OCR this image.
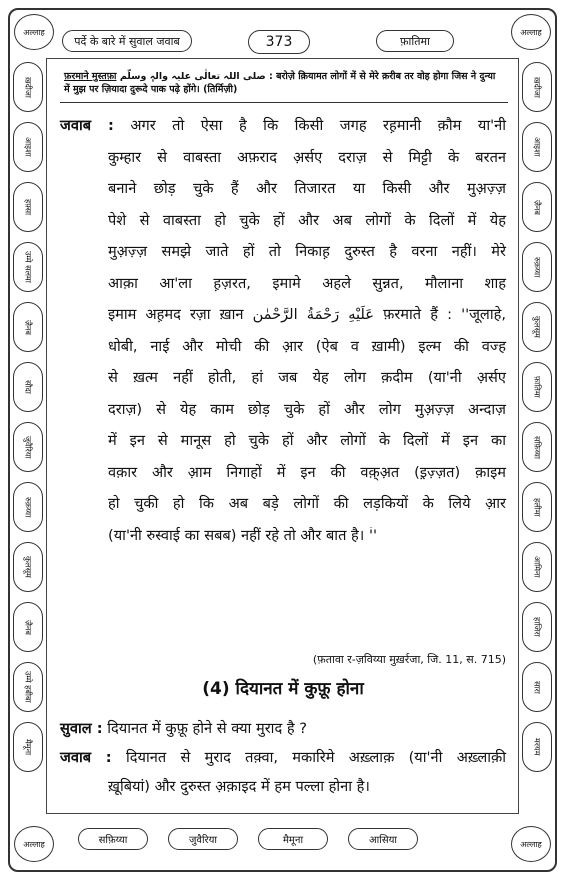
अल्लाह	अल्लाह
अल्लाह	अल्लाह
पर्दे के बारे में सुवाल जवाब	373	फ़ातिमा
ख़दीजा
आइशा
हफ़्सा
उम्मे सलमा
ज़ैनब
सौदा
जुवैरिया
रुक़य्या
कुलसूम
ज़ैनब
उम्मे हबीबा
मैमूना
ख़दीजा
आइशा
ज़ैनब
रुक़य्या
कुलसूम
फ़ातिमा
सफ़िय्या
हलीमा
आमिना
हाजिरा
सारा
मरयम
फ़रमाने मुस्तफ़ा صلی اللہ تعالٰی علیہ والہٖ وسلّم : बरोज़े क़ियामत लोगों में से मेरे क़रीब तर वोह होगा जिस ने दुन्या में मुझ पर ज़ियादा दुरूदे पाक पढ़े होंगे। (तिर्मिज़ी)
जवाब : अगर तो ऐसा है कि किसी जगह रह़मानी क़ौम या'नी
कुम्हार से वाबस्ता अफ़राद अ़र्सए दराज़ से मिट्टी के बरतन
बनाने छोड़ चुके हैं और तिजारत या किसी और मुअ़ज़्ज़
पेशे से वाबस्ता हो चुके हों और अब लोगों के दिलों में येह
मुअ़ज़्ज़ समझे जाते हों तो निकाह़ दुरुस्त है वरना नहीं। मेरे
आक़ा आ'ला ह़ज़रत, इमामे अहले सुन्नत, मौलाना शाह
इमाम अह़मद रज़ा ख़ान عَلَيْهِ رَحْمَةُ الرَّحْمٰن फ़रमाते हैं : ''जूलाहे,
धोबी, नाई और मोची की आ़र (ऐब व ख़ामी) इल्म की वज्ह
से ख़त्म नहीं होती, हां जब येह लोग क़दीम (या'नी अ़र्सए
दराज़) से येह काम छोड़ चुके हों और लोग मुअ़ज़्ज़ अन्दाज़
में इन से मानूस हो चुके हों और लोगों के दिलों में इन का
वक़ार और आ़म निगाहों में इन की वक़्अ़त (इ़ज़्ज़त) क़ाइम
हो चुकी हो कि अब बड़े लोगों की लड़कियों के लिये आ़र
(या'नी रुस्वाई का सबब) नहीं रहे तो और बात है। ۤ''
(फ़तावा र-ज़विय्या मुख़र्रजा, जि. 11, स. 715)
(4) दियानत में कुफ़ू होना
सुवाल : दियानत में कुफ़ू होने से क्या मुराद है ?
जवाब : दियानत से मुराद तक़्वा, मकारिमे अख़्लाक़ (या'नी अख़्लाक़ी
ख़ूबियां) और दुरुस्त अ़क़ाइद में हम पल्ला होना है।
सफ़िय्या	जुवैरिया	मैमूना	आसिया
